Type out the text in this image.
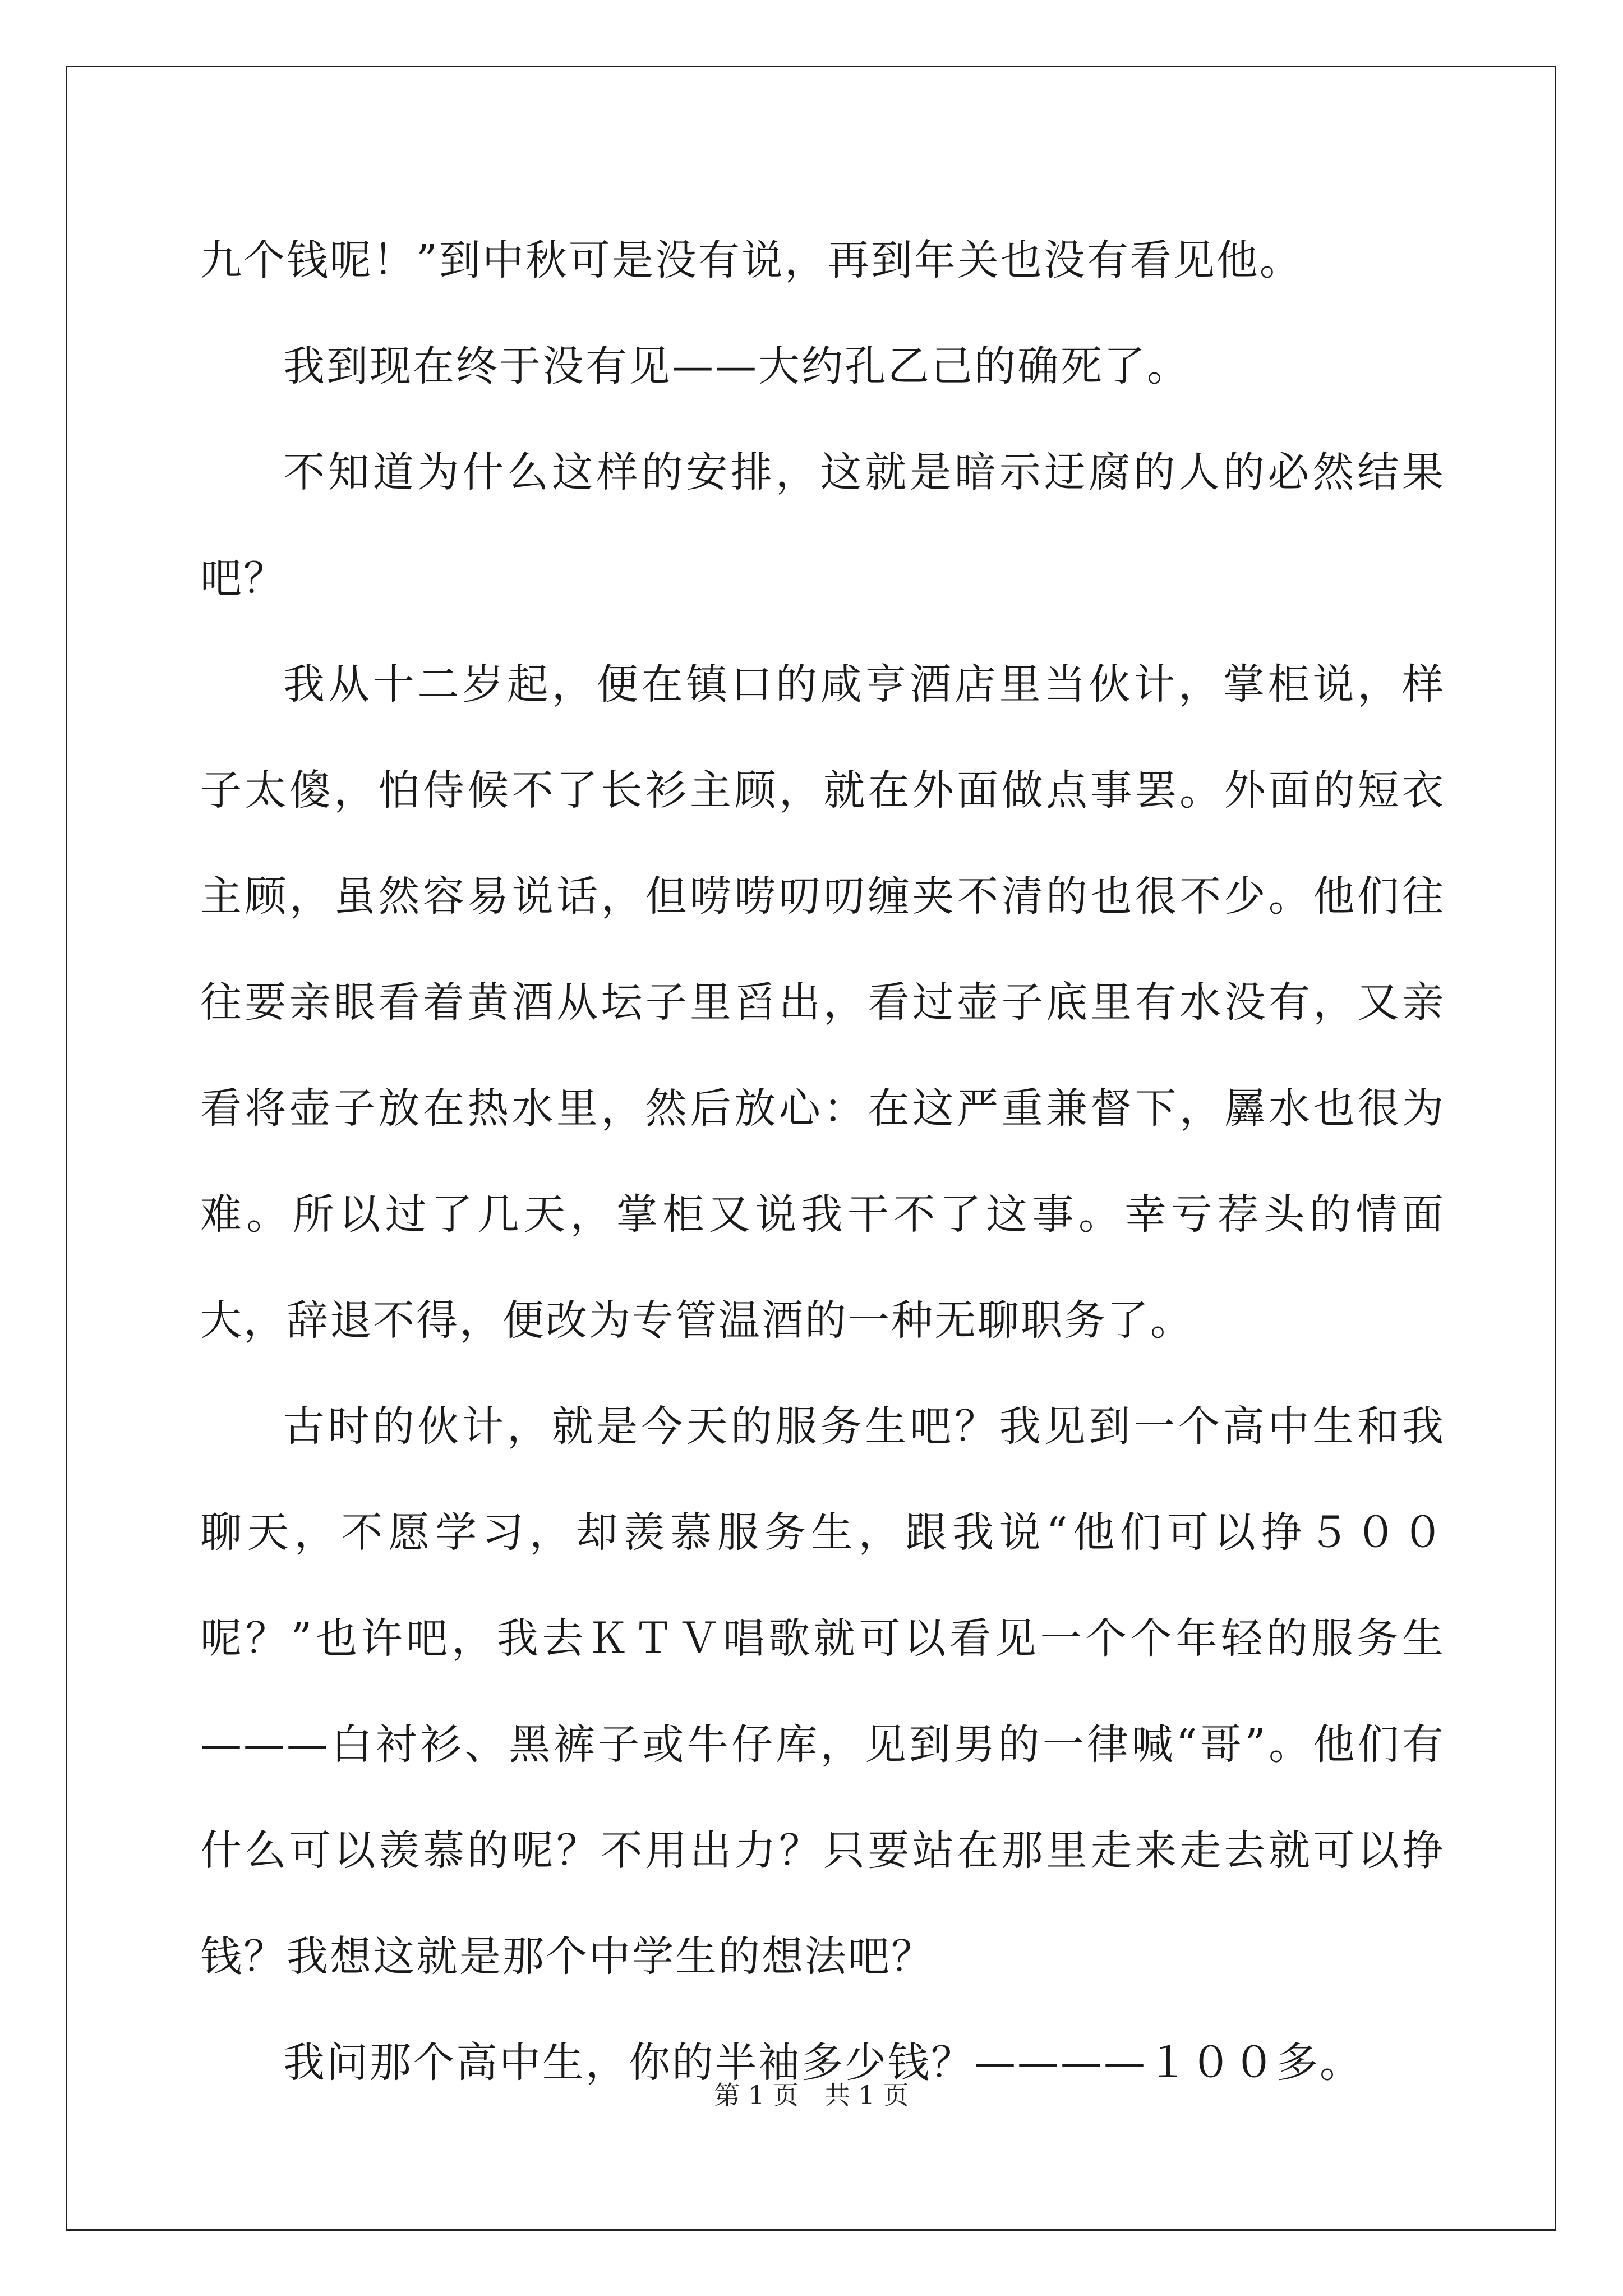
九个钱呢！”到中秋可是没有说，再到年关也没有看见他。

我到现在终于没有见——大约孔乙己的确死了。

不知道为什么这样的安排，这就是暗示迂腐的人的必然结果吧？

我从十二岁起，便在镇口的咸亨酒店里当伙计，掌柜说，样子太傻，怕侍候不了长衫主顾，就在外面做点事罢。外面的短衣主顾，虽然容易说话，但唠唠叨叨缠夹不清的也很不少。他们往往要亲眼看着黄酒从坛子里舀出，看过壶子底里有水没有，又亲看将壶子放在热水里，然后放心：在这严重兼督下，羼水也很为难。所以过了几天，掌柜又说我干不了这事。幸亏荐头的情面大，辞退不得，便改为专管温酒的一种无聊职务了。

古时的伙计，就是今天的服务生吧？我见到一个高中生和我聊天，不愿学习，却羡慕服务生，跟我说“他们可以挣５００呢？”也许吧，我去ＫＴＶ唱歌就可以看见一个个年轻的服务生———白衬衫、黑裤子或牛仔库，见到男的一律喊“哥”。他们有什么可以羡慕的呢？不用出力？只要站在那里走来走去就可以挣钱？我想这就是那个中学生的想法吧？

我问那个高中生，你的半袖多少钱？————１００多。

第 1 页　共 1 页
